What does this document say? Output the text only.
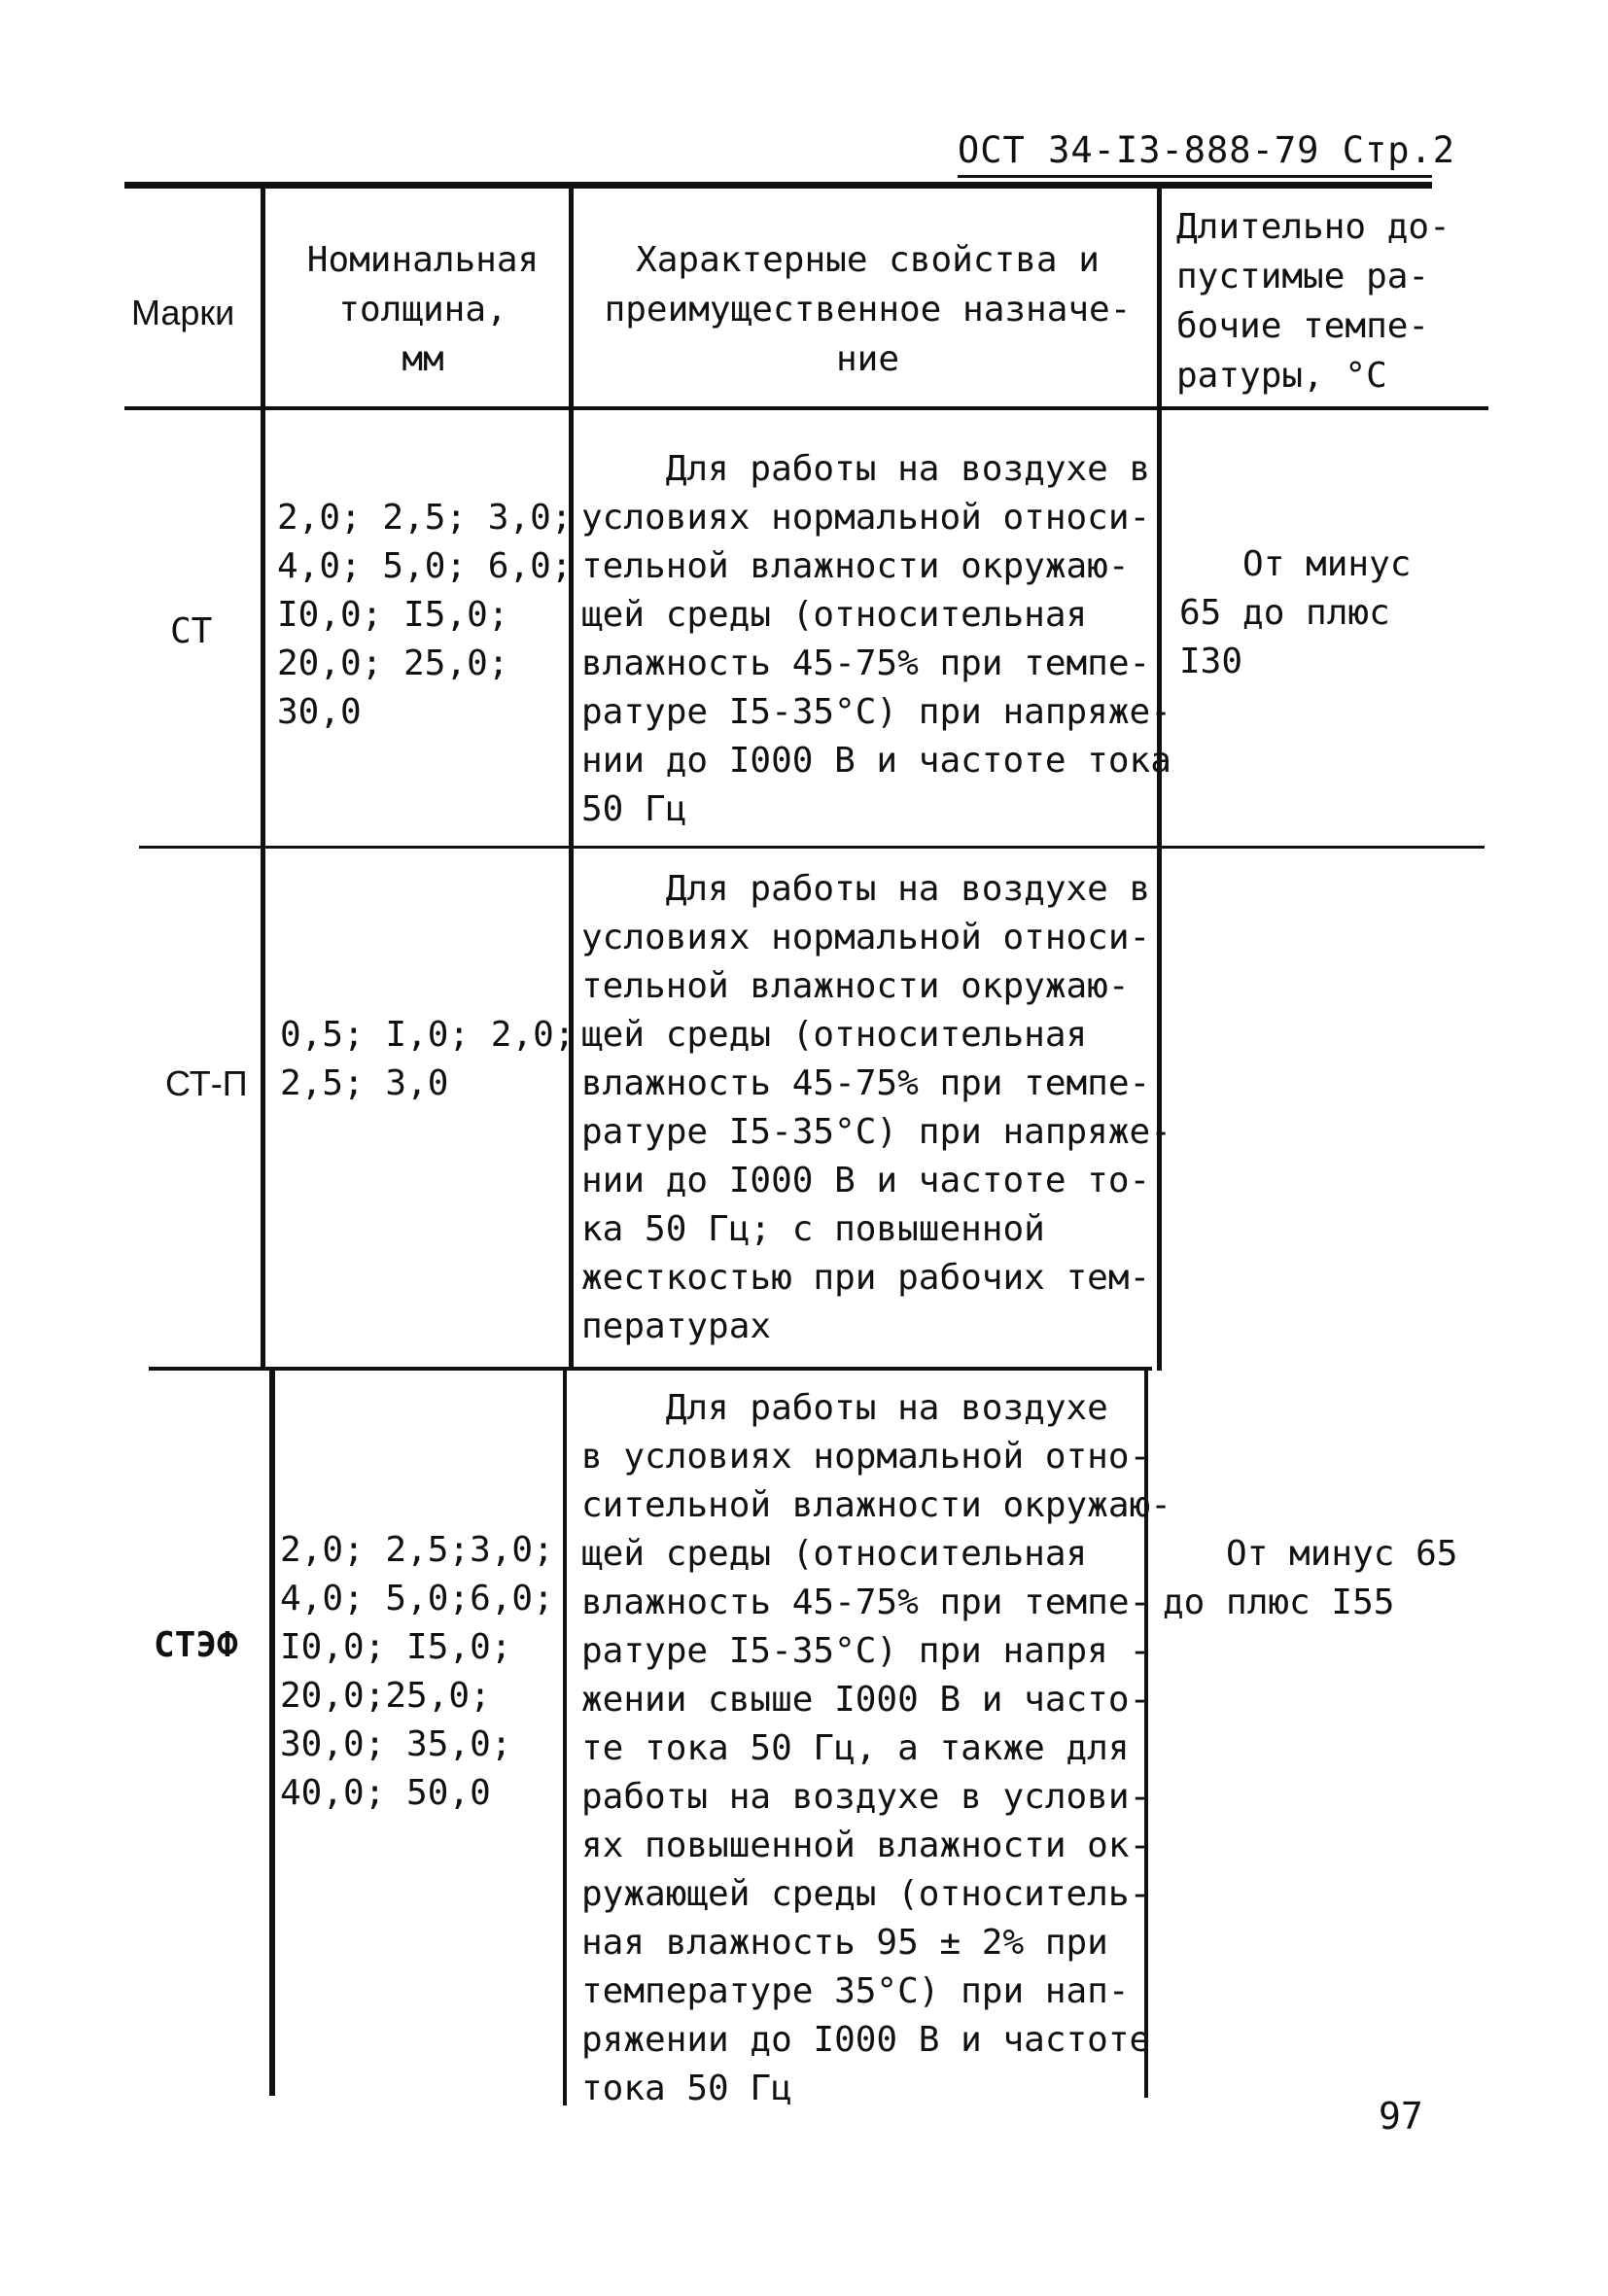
ОСТ 34-I3-888-79 Стр.2
Марки
Номинальная
толщина,
мм
Характерные свойства и
преимущественное назначе-
ние
Длительно до-
пустимые ра-
бочие темпе-
ратуры, °С
СТ
2,0; 2,5; 3,0;
4,0; 5,0; 6,0;
I0,0; I5,0;
20,0; 25,0;
30,0
Для работы на воздухе в
условиях нормальной относи-
тельной влажности окружаю-
щей среды (относительная
влажность 45-75% при темпе-
ратуре I5-35°С) при напряже-
нии до I000 В и частоте тока
50 Гц
От минус
65 до плюс
I30
СТ-П
0,5; I,0; 2,0;
2,5; 3,0
Для работы на воздухе в
условиях нормальной относи-
тельной влажности окружаю-
щей среды (относительная
влажность 45-75% при темпе-
ратуре I5-35°С) при напряже-
нии до I000 В и частоте то-
ка 50 Гц; с повышенной
жесткостью при рабочих тем-
пературах
СТЭФ
2,0; 2,5;3,0;
4,0; 5,0;6,0;
I0,0; I5,0;
20,0;25,0;
30,0; 35,0;
40,0; 50,0
Для работы на воздухе
в условиях нормальной отно-
сительной влажности окружаю-
щей среды (относительная
влажность 45-75% при темпе-
ратуре I5-35°С) при напря -
жении свыше I000 В и часто-
те тока 50 Гц, а также для
работы на воздухе в услови-
ях повышенной влажности ок-
ружающей среды (относитель-
ная влажность 95 ± 2% при
температуре 35°С) при нап-
ряжении до I000 В и частоте
тока 50 Гц
От минус 65
до плюс I55
97
